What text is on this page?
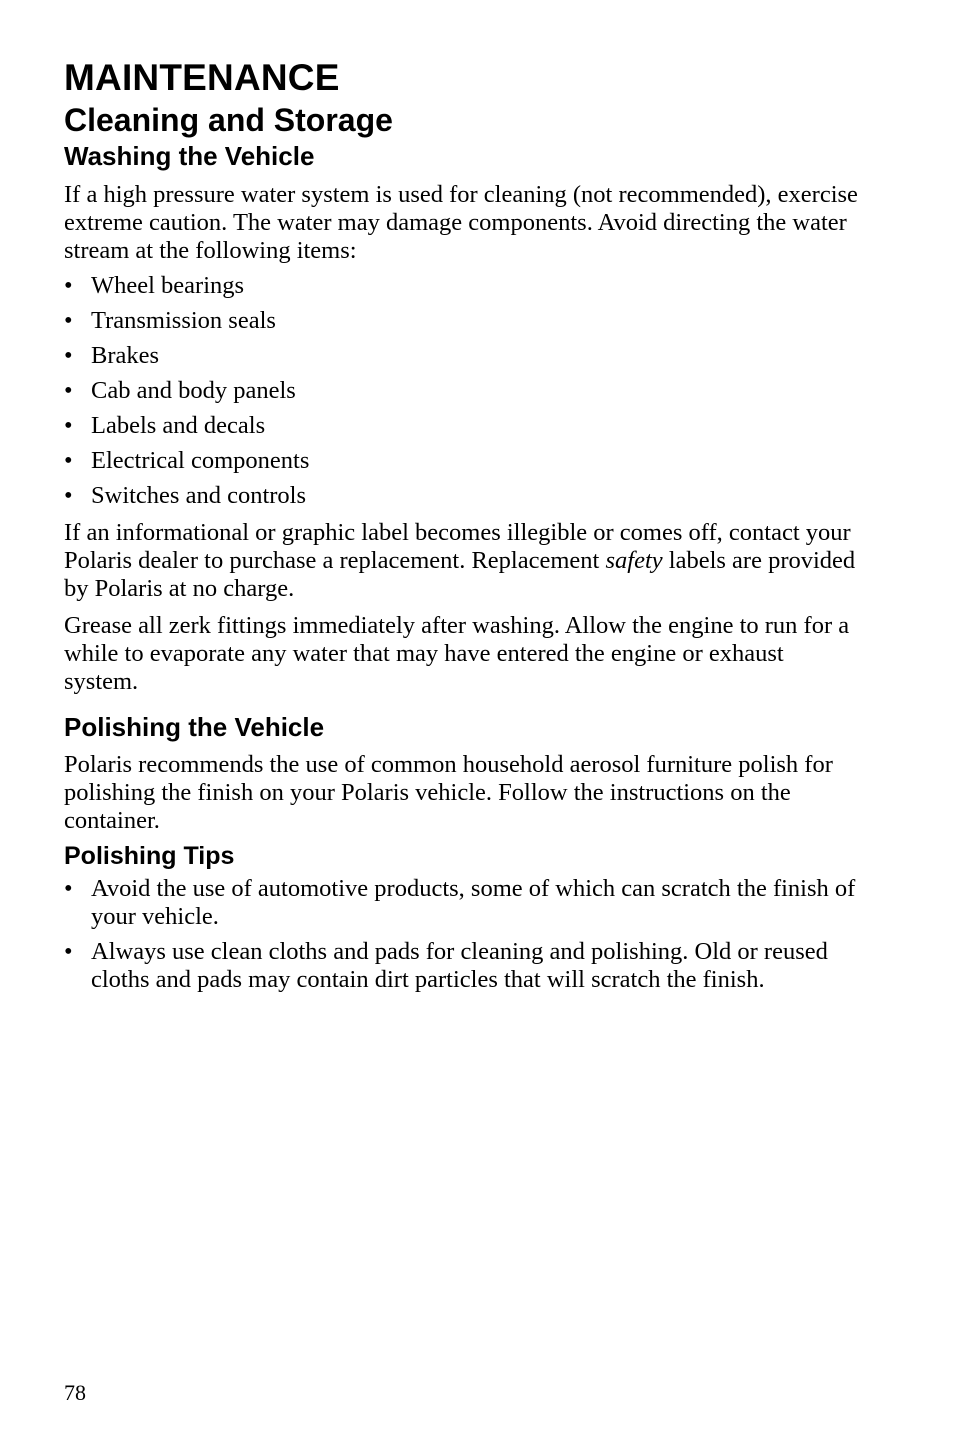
MAINTENANCE
Cleaning and Storage
Washing the Vehicle

If a high pressure water system is used for cleaning (not recommended), exercise extreme caution. The water may damage components. Avoid directing the water stream at the following items:

• Wheel bearings
• Transmission seals
• Brakes
• Cab and body panels
• Labels and decals
• Electrical components
• Switches and controls

If an informational or graphic label becomes illegible or comes off, contact your Polaris dealer to purchase a replacement. Replacement safety labels are provided by Polaris at no charge.

Grease all zerk fittings immediately after washing. Allow the engine to run for a while to evaporate any water that may have entered the engine or exhaust system.

Polishing the Vehicle

Polaris recommends the use of common household aerosol furniture polish for polishing the finish on your Polaris vehicle. Follow the instructions on the container.

Polishing Tips
• Avoid the use of automotive products, some of which can scratch the finish of your vehicle.
• Always use clean cloths and pads for cleaning and polishing. Old or reused cloths and pads may contain dirt particles that will scratch the finish.
78
